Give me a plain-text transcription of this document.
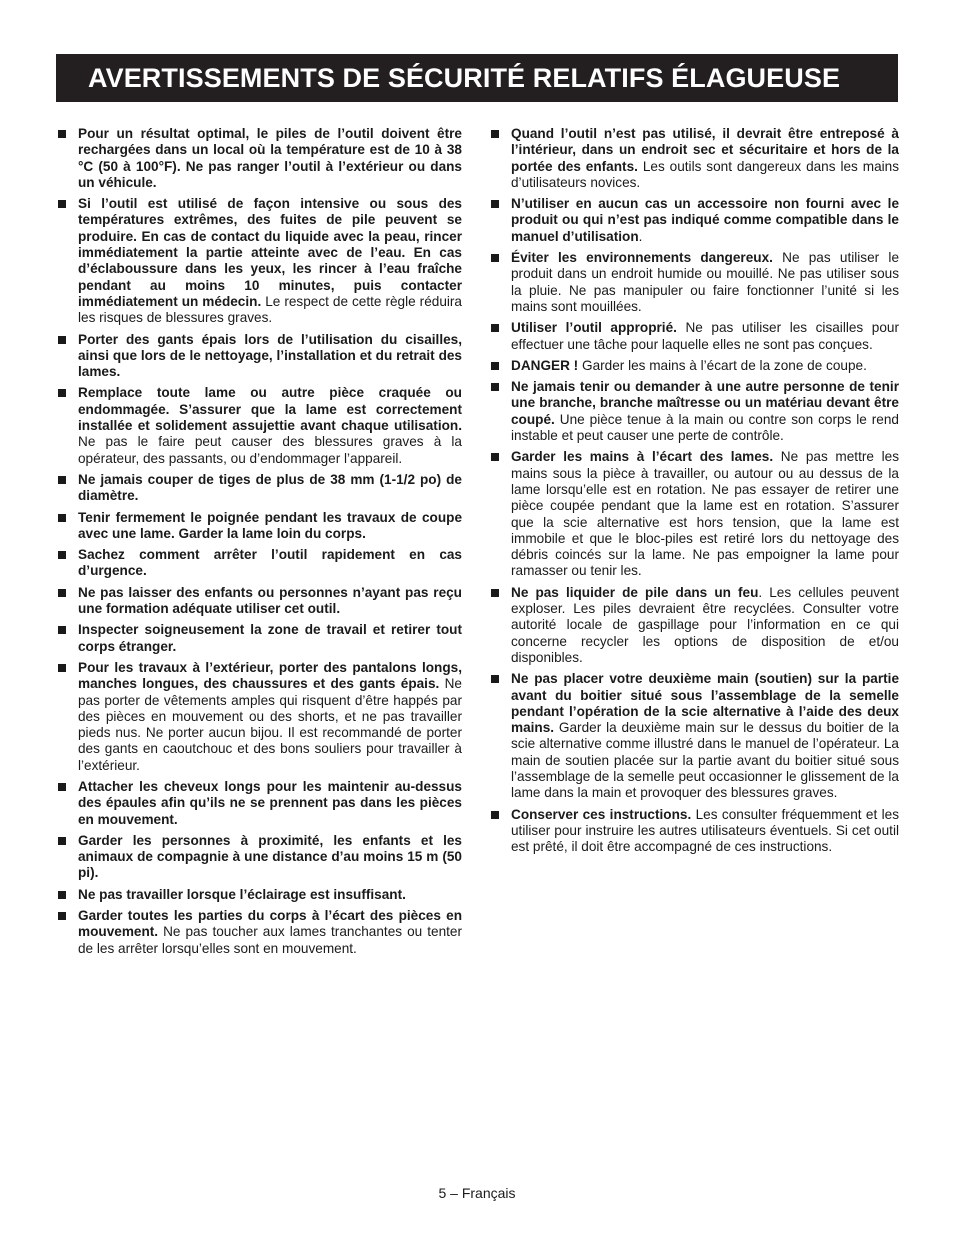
AVERTISSEMENTS DE SÉCURITÉ RELATIFS ÉLAGUEUSE
Pour un résultat optimal, le piles de l’outil doivent être rechargées dans un local où la température est de 10 à 38 °C (50 à 100°F). Ne pas ranger l’outil à l’extérieur ou dans un véhicule.
Si l’outil est utilisé de façon intensive ou sous des températures extrêmes, des fuites de pile peuvent se produire. En cas de contact du liquide avec la peau, rincer immédiatement la partie atteinte avec de l’eau. En cas d’éclaboussure dans les yeux, les rincer à l’eau fraîche pendant au moins 10 minutes, puis contacter immédiatement un médecin. Le respect de cette règle réduira les risques de blessures graves.
Porter des gants épais lors de l’utilisation du cisailles, ainsi que lors de le nettoyage, l’installation et du retrait des lames.
Remplace toute lame ou autre pièce craquée ou endommagée. S’assurer que la lame est correctement installée et solidement assujettie avant chaque utilisation. Ne pas le faire peut causer des blessures graves à la opérateur, des passants, ou d’endommager l’appareil.
Ne jamais couper de tiges de plus de 38 mm (1-1/2 po) de diamètre.
Tenir fermement le poignée pendant les travaux de coupe avec une lame. Garder la lame loin du corps.
Sachez comment arrêter l’outil rapidement en cas d’urgence.
Ne pas laisser des enfants ou personnes n’ayant pas reçu une formation adéquate utiliser cet outil.
Inspecter soigneusement la zone de travail et retirer tout corps étranger.
Pour les travaux à l’extérieur, porter des pantalons longs, manches longues, des chaussures et des gants épais. Ne pas porter de vêtements amples qui risquent d’être happés par des pièces en mouvement ou des shorts, et ne pas travailler pieds nus. Ne porter aucun bijou. Il est recommandé de porter des gants en caoutchouc et des bons souliers pour travailler à l’extérieur.
Attacher les cheveux longs pour les maintenir au-dessus des épaules afin qu’ils ne se prennent pas dans les pièces en mouvement.
Garder les personnes à proximité, les enfants et les animaux de compagnie à une distance d’au moins 15 m (50 pi).
Ne pas travailler lorsque l’éclairage est insuffisant.
Garder toutes les parties du corps à l’écart des pièces en mouvement. Ne pas toucher aux lames tranchantes ou tenter de les arrêter lorsqu’elles sont en mouvement.
Quand l’outil n’est pas utilisé, il devrait être entreposé à l’intérieur, dans un endroit sec et sécuritaire et hors de la portée des enfants. Les outils sont dangereux dans les mains d’utilisateurs novices.
N’utiliser en aucun cas un accessoire non fourni avec le produit ou qui n’est pas indiqué comme compatible dans le manuel d’utilisation.
Éviter les environnements dangereux. Ne pas utiliser le produit dans un endroit humide ou mouillé. Ne pas utiliser sous la pluie. Ne pas manipuler ou faire fonctionner l’unité si les mains sont mouillées.
Utiliser l’outil approprié. Ne pas utiliser les cisailles pour effectuer une tâche pour laquelle elles ne sont pas conçues.
DANGER ! Garder les mains à l’écart de la zone de coupe.
Ne jamais tenir ou demander à une autre personne de tenir une branche, branche maîtresse ou un matériau devant être coupé. Une pièce tenue à la main ou contre son corps le rend instable et peut causer une perte de contrôle.
Garder les mains à l’écart des lames. Ne pas mettre les mains sous la pièce à travailler, ou autour ou au dessus de la lame lorsqu’elle est en rotation. Ne pas essayer de retirer une pièce coupée pendant que la lame est en rotation. S’assurer que la scie alternative est hors tension, que la lame est immobile et que le bloc-piles est retiré lors du nettoyage des débris coincés sur la lame. Ne pas empoigner la lame pour ramasser ou tenir les.
Ne pas liquider de pile dans un feu. Les cellules peuvent exploser. Les piles devraient être recyclées. Consulter votre autorité locale de gaspillage pour l’information en ce qui concerne recycler les options de disposition de et/ou disponibles.
Ne pas placer votre deuxième main (soutien) sur la partie avant du boitier situé sous l’assemblage de la semelle pendant l’opération de la scie alternative à l’aide des deux mains. Garder la deuxième main sur le dessus du boitier de la scie alternative comme illustré dans le manuel de l’opérateur. La main de soutien placée sur la partie avant du boitier situé sous l’assemblage de la semelle peut occasionner le glissement de la lame dans la main et provoquer des blessures graves.
Conserver ces instructions. Les consulter fréquemment et les utiliser pour instruire les autres utilisateurs éventuels. Si cet outil est prêté, il doit être accompagné de ces instructions.
5 – Français
